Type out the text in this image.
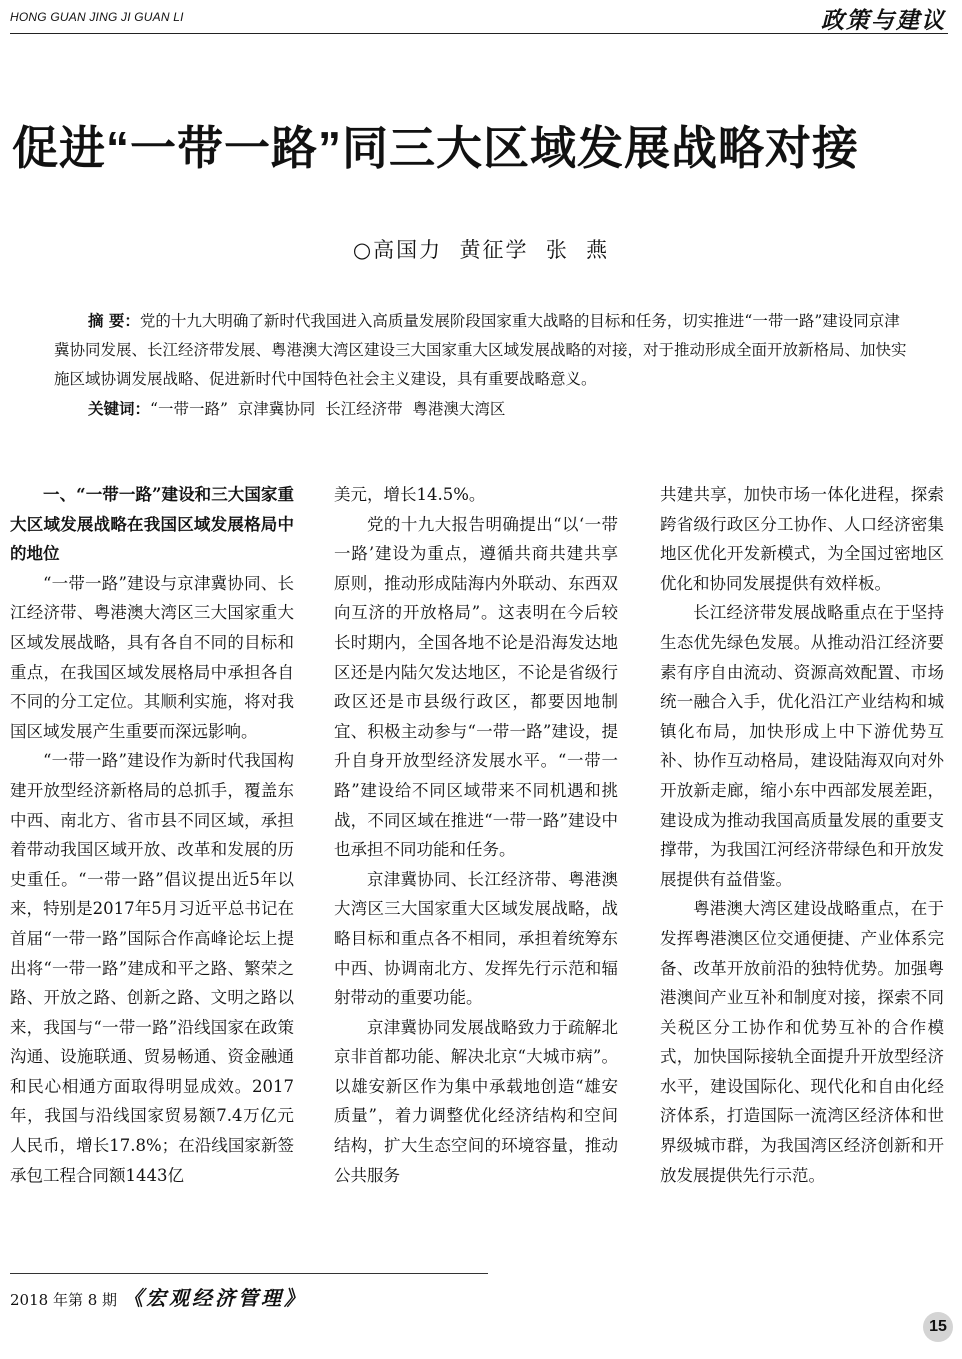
HONG GUAN JING JI GUAN LI	政策与建议
促进“一带一路”同三大区域发展战略对接
○高国力  黄征学  张  燕

摘 要：党的十九大明确了新时代我国进入高质量发展阶段国家重大战略的目标和任务，切实推进“一带一路”建设同京津冀协同发展、长江经济带发展、粤港澳大湾区建设三大国家重大区域发展战略的对接，对于推动形成全面开放新格局、加快实施区域协调发展战略、促进新时代中国特色社会主义建设，具有重要战略意义。

关键词：“一带一路”  京津冀协同  长江经济带  粤港澳大湾区

一、“一带一路”建设和三大国家重大区域发展战略在我国区域发展格局中的地位

“一带一路”建设与京津冀协同、长江经济带、粤港澳大湾区三大国家重大区域发展战略，具有各自不同的目标和重点，在我国区域发展格局中承担各自不同的分工定位。其顺利实施，将对我国区域发展产生重要而深远影响。

“一带一路”建设作为新时代我国构建开放型经济新格局的总抓手，覆盖东中西、南北方、省市县不同区域，承担着带动我国区域开放、改革和发展的历史重任。“一带一路”倡议提出近5年以来，特别是2017年5月习近平总书记在首届“一带一路”国际合作高峰论坛上提出将“一带一路”建成和平之路、繁荣之路、开放之路、创新之路、文明之路以来，我国与“一带一路”沿线国家在政策沟通、设施联通、贸易畅通、资金融通和民心相通方面取得明显成效。2017年，我国与沿线国家贸易额7.4万亿元人民币，增长17.8%；在沿线国家新签承包工程合同额1443亿

美元，增长14.5%。

党的十九大报告明确提出“以‘一带一路’建设为重点，遵循共商共建共享原则，推动形成陆海内外联动、东西双向互济的开放格局”。这表明在今后较长时期内，全国各地不论是沿海发达地区还是内陆欠发达地区，不论是省级行政区还是市县级行政区，都要因地制宜、积极主动参与“一带一路”建设，提升自身开放型经济发展水平。“一带一路”建设给不同区域带来不同机遇和挑战，不同区域在推进“一带一路”建设中也承担不同功能和任务。

京津冀协同、长江经济带、粤港澳大湾区三大国家重大区域发展战略，战略目标和重点各不相同，承担着统筹东中西、协调南北方、发挥先行示范和辐射带动的重要功能。

京津冀协同发展战略致力于疏解北京非首都功能、解决北京“大城市病”。以雄安新区作为集中承载地创造“雄安质量”，着力调整优化经济结构和空间结构，扩大生态空间的环境容量，推动公共服务

共建共享，加快市场一体化进程，探索跨省级行政区分工协作、人口经济密集地区优化开发新模式，为全国过密地区优化和协同发展提供有效样板。

长江经济带发展战略重点在于坚持生态优先绿色发展。从推动沿江经济要素有序自由流动、资源高效配置、市场统一融合入手，优化沿江产业结构和城镇化布局，加快形成上中下游优势互补、协作互动格局，建设陆海双向对外开放新走廊，缩小东中西部发展差距，建设成为推动我国高质量发展的重要支撑带，为我国江河经济带绿色和开放发展提供有益借鉴。

粤港澳大湾区建设战略重点，在于发挥粤港澳区位交通便捷、产业体系完备、改革开放前沿的独特优势。加强粤港澳间产业互补和制度对接，探索不同关税区分工协作和优势互补的合作模式，加快国际接轨全面提升开放型经济水平，建设国际化、现代化和自由化经济体系，打造国际一流湾区经济体和世界级城市群，为我国湾区经济创新和开放发展提供先行示范。

2018 年第 8 期 《宏观经济管理》
15
